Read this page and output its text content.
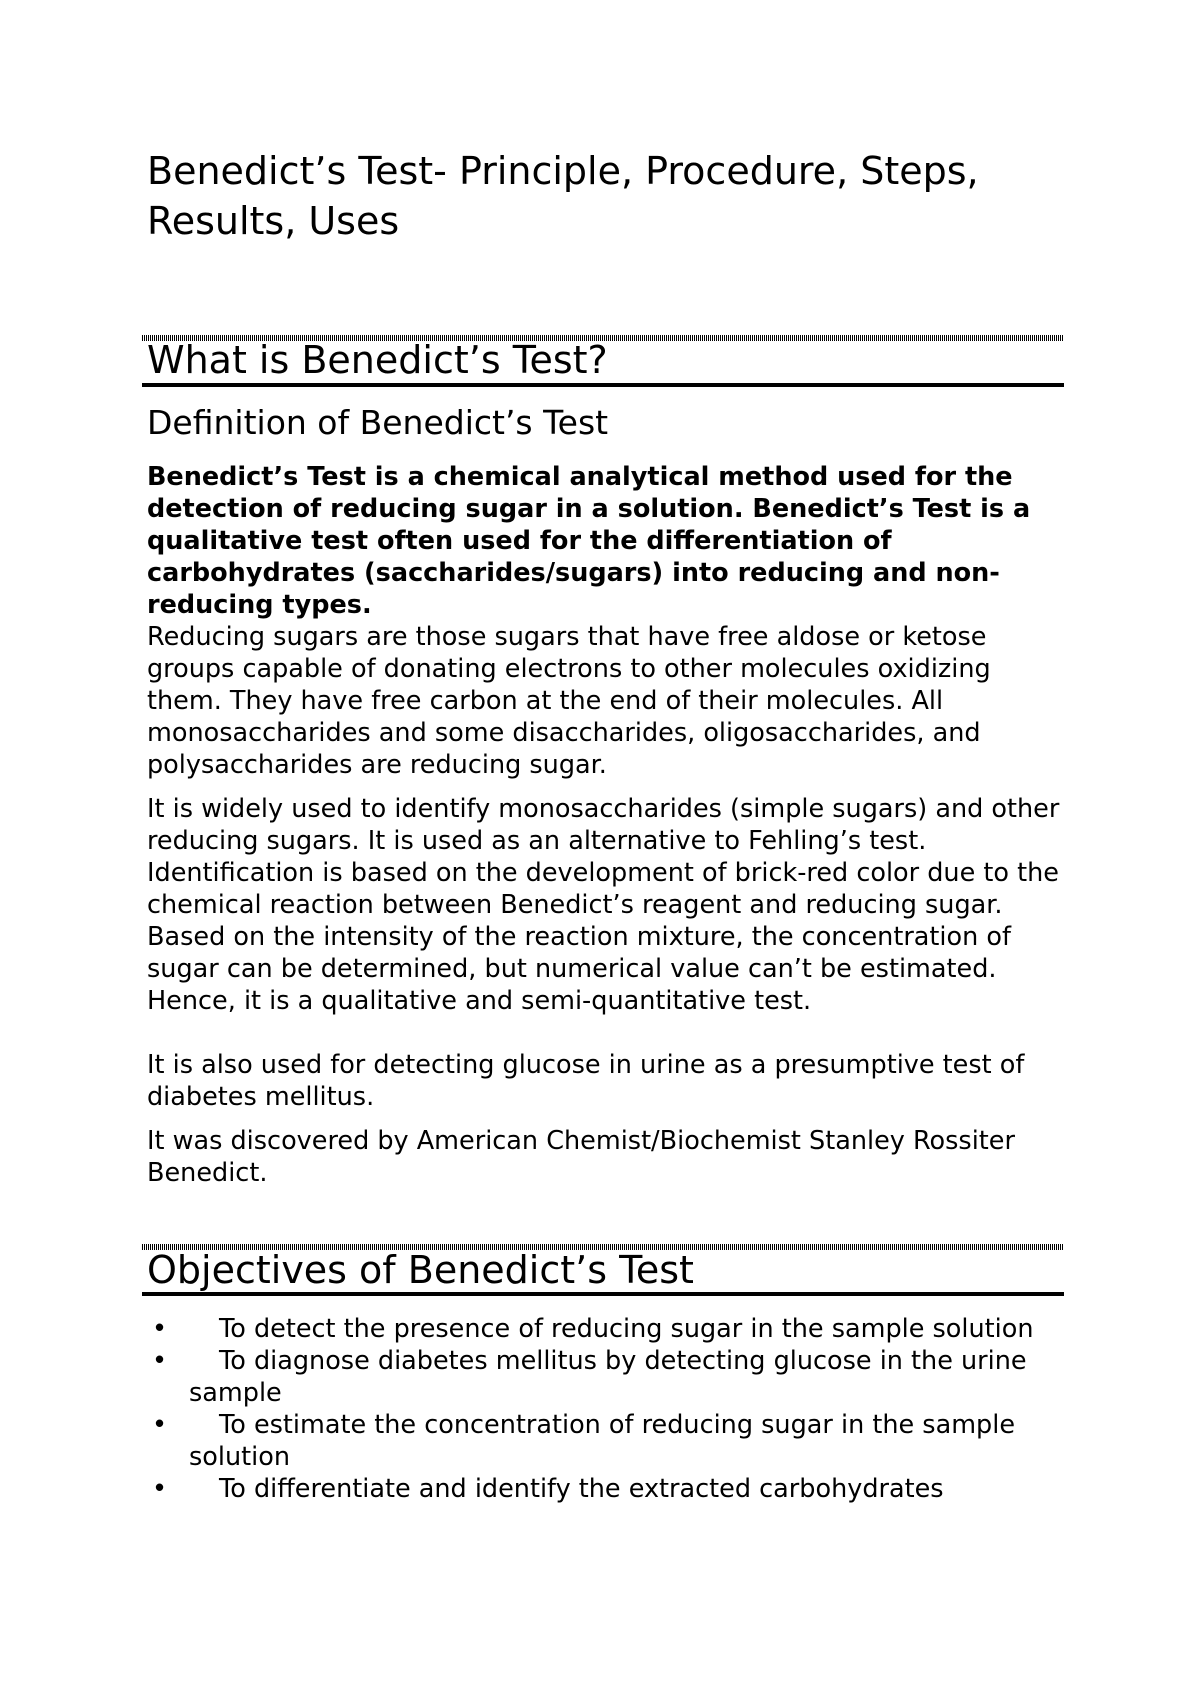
Benedict’s Test- Principle, Procedure, Steps, Results, Uses
What is Benedict’s Test?
Definition of Benedict’s Test

Benedict’s Test is a chemical analytical method used for the detection of reducing sugar in a solution. Benedict’s Test is a qualitative test often used for the differentiation of carbohydrates (saccharides/sugars) into reducing and non-reducing types.

Reducing sugars are those sugars that have free aldose or ketose groups capable of donating electrons to other molecules oxidizing them. They have free carbon at the end of their molecules. All monosaccharides and some disaccharides, oligosaccharides, and polysaccharides are reducing sugar.

It is widely used to identify monosaccharides (simple sugars) and other reducing sugars. It is used as an alternative to Fehling’s test. Identification is based on the development of brick-red color due to the chemical reaction between Benedict’s reagent and reducing sugar. Based on the intensity of the reaction mixture, the concentration of sugar can be determined, but numerical value can’t be estimated. Hence, it is a qualitative and semi-quantitative test.

It is also used for detecting glucose in urine as a presumptive test of diabetes mellitus.

It was discovered by American Chemist/Biochemist Stanley Rossiter Benedict.

Objectives of Benedict’s Test
•	To detect the presence of reducing sugar in the sample solution
•	To diagnose diabetes mellitus by detecting glucose in the urine sample
•	To estimate the concentration of reducing sugar in the sample solution
•	To differentiate and identify the extracted carbohydrates
